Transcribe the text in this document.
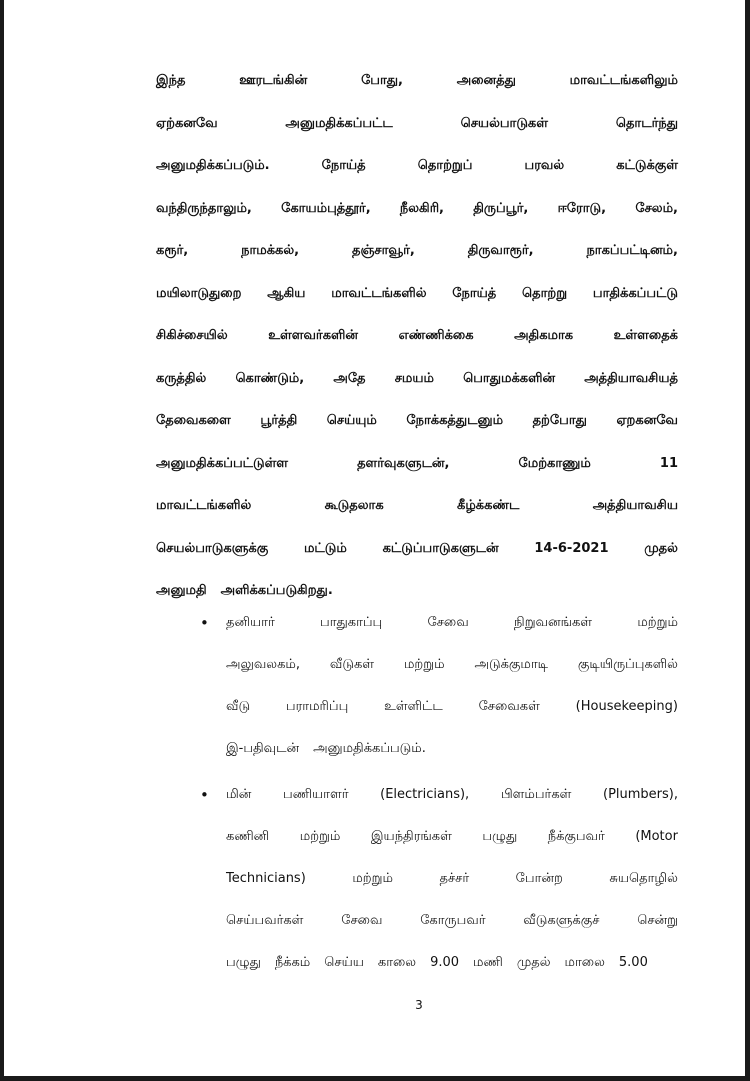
இந்த	ஊரடங்கின்	போது,	அனைத்து	மாவட்டங்களிலும்
ஏற்கனவே	அனுமதிக்கப்பட்ட	செயல்பாடுகள்	தொடர்ந்து
அனுமதிக்கப்படும்.	நோய்த்	தொற்றுப்	பரவல்	கட்டுக்குள்
வந்திருந்தாலும், கோயம்புத்தூர், நீலகிரி, திருப்பூர், ஈரோடு, சேலம்,
கரூர்,	நாமக்கல்,	தஞ்சாவூர்,	திருவாரூர்,	நாகப்பட்டினம்,
மயிலாடுதுறை ஆகிய மாவட்டங்களில் நோய்த் தொற்று பாதிக்கப்பட்டு
சிகிச்சையில்	உள்ளவர்களின்	எண்ணிக்கை	அதிகமாக	உள்ளதைக்
கருத்தில் கொண்டும், அதே சமயம் பொதுமக்களின் அத்தியாவசியத்
தேவைகளை பூர்த்தி செய்யும் நோக்கத்துடனும் தற்போது ஏறகனவே
அனுமதிக்கப்பட்டுள்ள	தளர்வுகளுடன்,	மேற்காணும்	11
மாவட்டங்களில்	கூடுதலாக	கீழ்க்கண்ட	அத்தியாவசிய
செயல்பாடுகளுக்கு	மட்டும்	கட்டுப்பாடுகளுடன்	14-6-2021	முதல்
அனுமதி அளிக்கப்படுகிறது.
•	தனியார்	பாதுகாப்பு	சேவை	நிறுவனங்கள்	மற்றும்
அலுவலகம், வீடுகள் மற்றும் அடுக்குமாடி குடியிருப்புகளில்
வீடு	பராமரிப்பு	உள்ளிட்ட	சேவைகள்	(Housekeeping)
இ-பதிவுடன் அனுமதிக்கப்படும்.
•	மின் பணியாளர் (Electricians), பிளம்பர்கள் (Plumbers),
கணினி மற்றும் இயந்திரங்கள் பழுது நீக்குபவர் (Motor
Technicians)	மற்றும்	தச்சர்	போன்ற	சுயதொழில்
செய்பவர்கள்	சேவை	கோருபவர்	வீடுகளுக்குச்	சென்று
பழுது நீக்கம் செய்ய காலை 9.00 மணி முதல் மாலை 5.00
3
